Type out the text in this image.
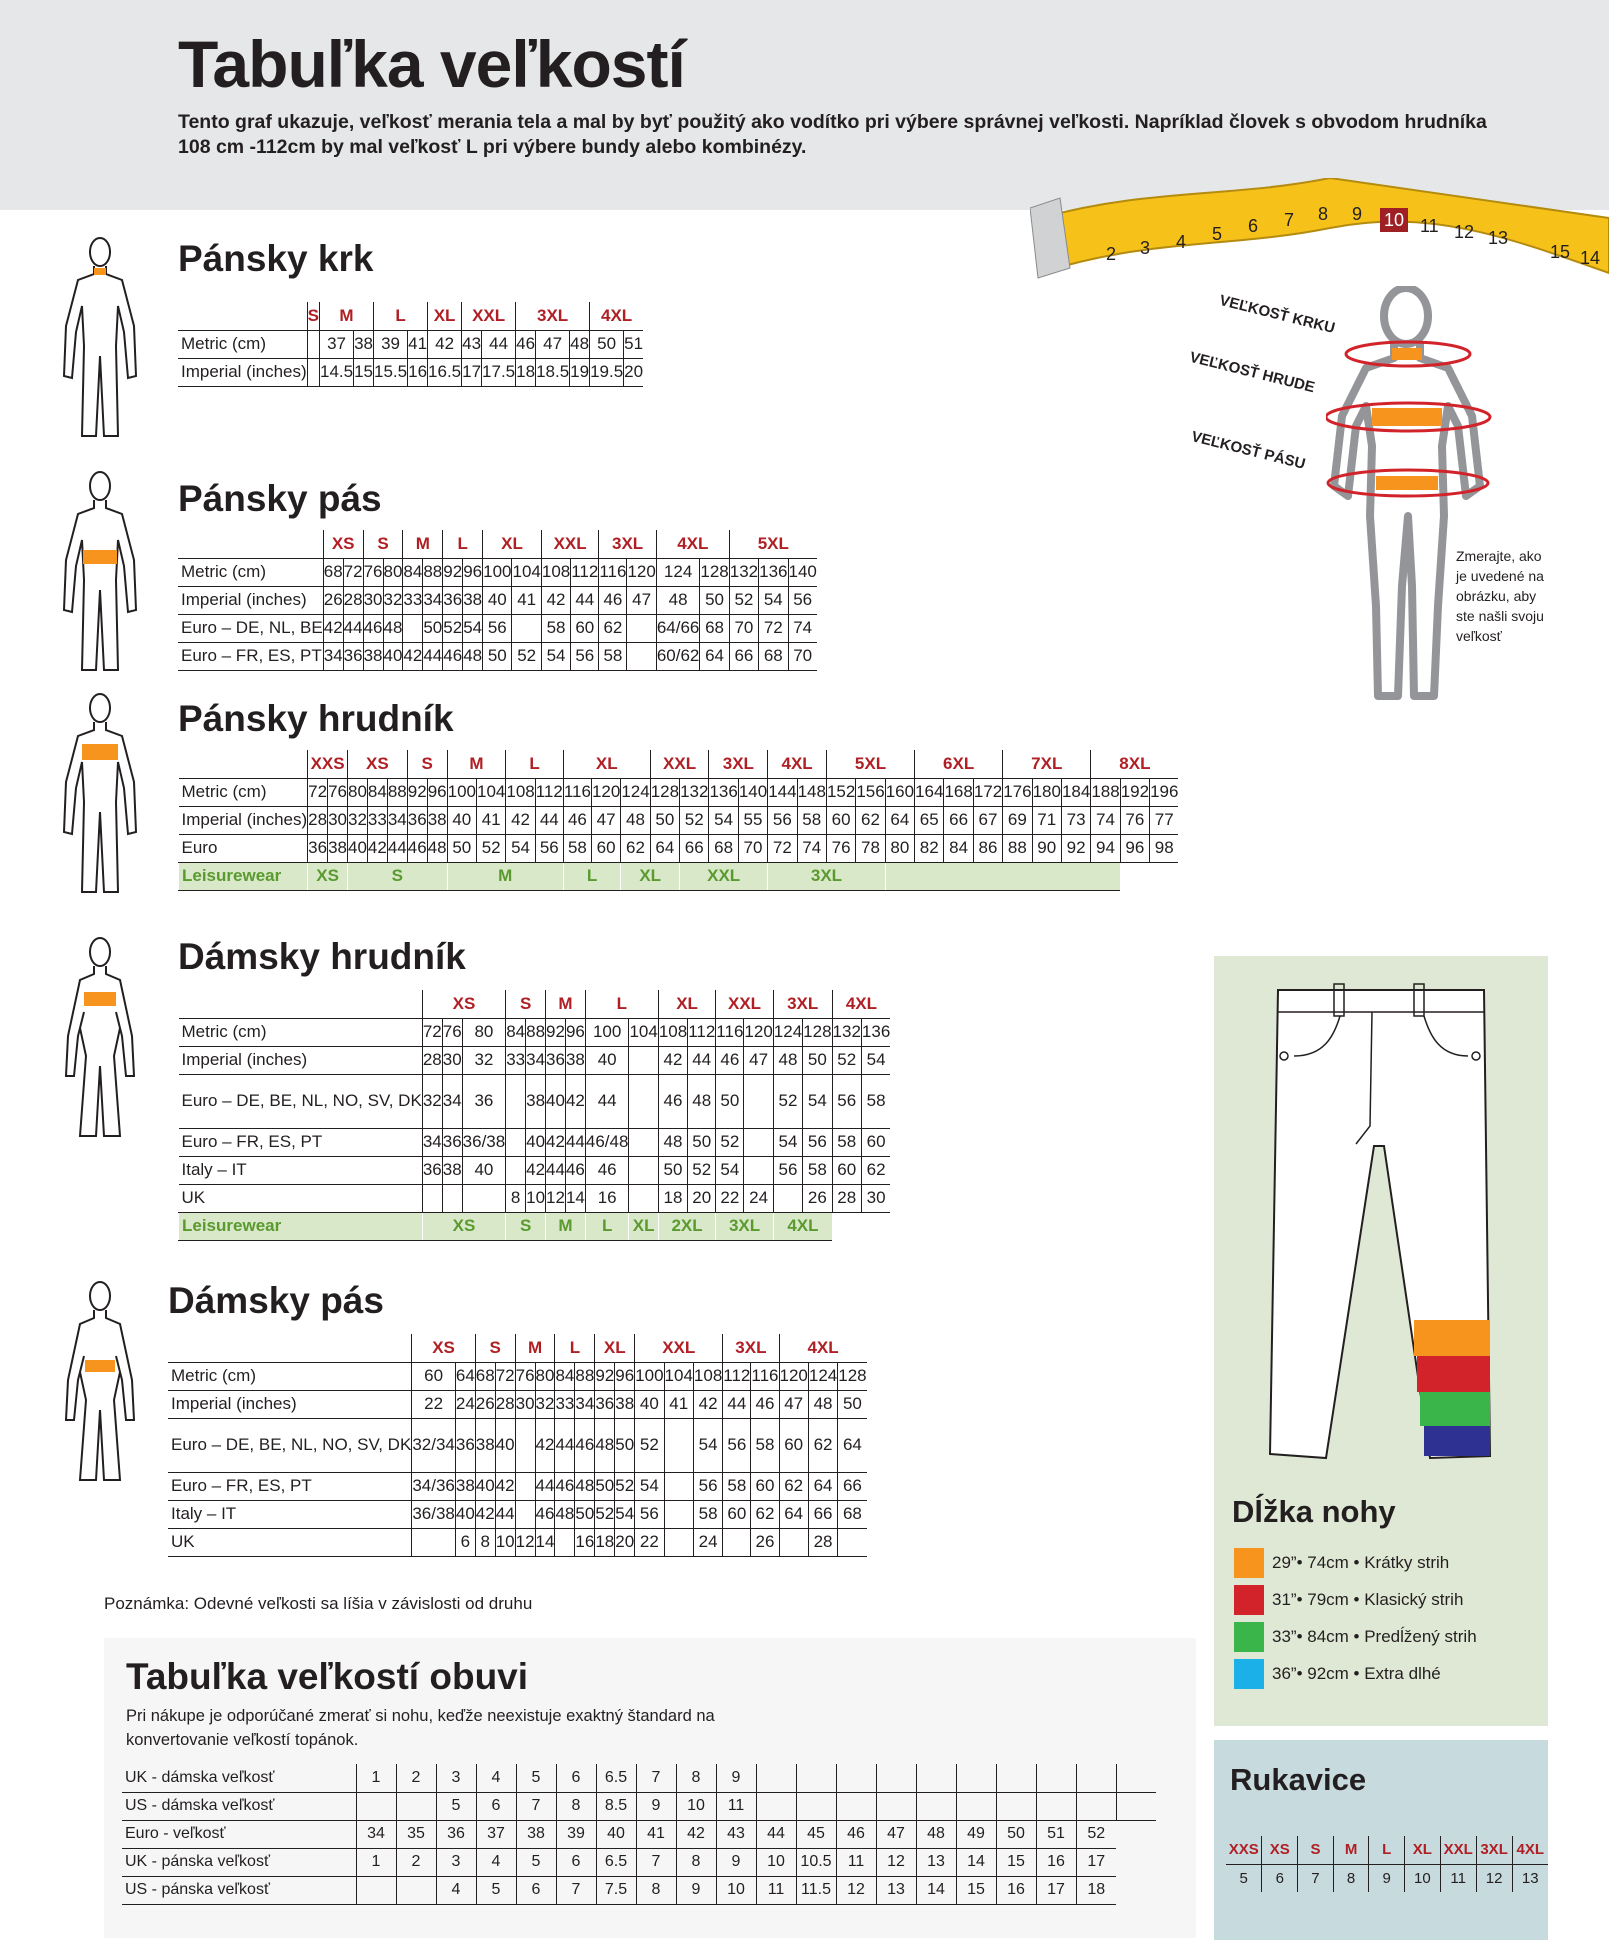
Tabuľka veľkostí

Tento graf ukazuje, veľkosť merania tela a mal by byť použitý ako vodítko pri výbere správnej veľkosti. Napríklad človek s obvodom hrudníka 108 cm -112cm by mal veľkosť L pri výbere bundy alebo kombinézy.

2 3 4 5 6 7 8 9 10 11 12 13
15 14
VEĽKOSŤ KRKU
VEĽKOSŤ HRUDE
VEĽKOSŤ PÁSU
Zmerajte, ako je uvedené na obrázku, aby ste našli svoju veľkosť
Pánsky krk
	S	M		L		XL	XXL		3XL			4XL	
Metric (cm)		37	38	39	41	42	43	44	46	47	48	50	51
Imperial (inches)		14.5	15	15.5	16	16.5	17	17.5	18	18.5	19	19.5	20
Pánsky pás
	XS		S		M		L		XL		XXL		3XL		4XL		5XL		
Metric (cm)	68	72	76	80	84	88	92	96	100	104	108	112	116	120	124	128	132	136	140
Imperial (inches)	26	28	30	32	33	34	36	38	40	41	42	44	46	47	48	50	52	54	56
Euro – DE, NL, BE	42	44	46	48		50	52	54	56		58	60	62		64/66	68	70	72	74
Euro – FR, ES, PT	34	36	38	40	42	44	46	48	50	52	54	56	58		60/62	64	66	68	70
Pánsky hrudník
	XXS		XS			S		M		L		XL			XXL		3XL		4XL		5XL			6XL			7XL			8XL		
Metric (cm)	72	76	80	84	88	92	96	100	104	108	112	116	120	124	128	132	136	140	144	148	152	156	160	164	168	172	176	180	184	188	192	196
Imperial (inches)	28	30	32	33	34	36	38	40	41	42	44	46	47	48	50	52	54	55	56	58	60	62	64	65	66	67	69	71	73	74	76	77
Euro	36	38	40	42	44	46	48	50	52	54	56	58	60	62	64	66	68	70	72	74	76	78	80	82	84	86	88	90	92	94	96	98
Leisurewear	XS		S					M				L		XL		XXL			3XL													
Dámsky hrudník
	XS			S		M		L		XL		XXL		3XL		4XL	
Metric (cm)	72	76	80	84	88	92	96	100	104	108	112	116	120	124	128	132	136
Imperial (inches)	28	30	32	33	34	36	38	40		42	44	46	47	48	50	52	54
Euro – DE, BE, NL, NO, SV, DK	32	34	36		38	40	42	44		46	48	50		52	54	56	58
Euro – FR, ES, PT	34	36	36/38		40	42	44	46/48		48	50	52		54	56	58	60
Italy – IT	36	38	40		42	44	46	46		50	52	54		56	58	60	62
UK				8	10	12	14	16		18	20	22	24		26	28	30
Leisurewear	XS			S		M		L	XL	2XL		3XL		4XL			
Dámsky pás
	XS		S		M		L		XL		XXL			3XL		4XL		
Metric (cm)	60	64	68	72	76	80	84	88	92	96	100	104	108	112	116	120	124	128
Imperial (inches)	22	24	26	28	30	32	33	34	36	38	40	41	42	44	46	47	48	50
Euro – DE, BE, NL, NO, SV, DK	32/34	36	38	40		42	44	46	48	50	52		54	56	58	60	62	64
Euro – FR, ES, PT	34/36	38	40	42		44	46	48	50	52	54		56	58	60	62	64	66
Italy – IT	36/38	40	42	44		46	48	50	52	54	56		58	60	62	64	66	68
UK		6	8	10	12	14		16	18	20	22		24		26		28	
Poznámka: Odevné veľkosti sa líšia v závislosti od druhu
Tabuľka veľkostí obuvi

Pri nákupe je odporúčané zmerať si nohu, keďže neexistuje exaktný štandard na konvertovanie veľkostí topánok.

UK - dámska veľkosť	1	2	3	4	5	6	6.5	7	8	9										
US - dámska veľkosť			5	6	7	8	8.5	9	10	11										
Euro - veľkosť	34	35	36	37	38	39	40	41	42	43	44	45	46	47	48	49	50	51	52	
UK - pánska veľkosť	1	2	3	4	5	6	6.5	7	8	9	10	10.5	11	12	13	14	15	16	17	
US - pánska veľkosť			4	5	6	7	7.5	8	9	10	11	11.5	12	13	14	15	16	17	18	
Dĺžka nohy
29”• 74cm • Krátky strih
31”• 79cm • Klasický strih
33”• 84cm • Predĺžený strih
36”• 92cm • Extra dlhé
Rukavice
XXS	XS	S	M	L	XL	XXL	3XL	4XL
5	6	7	8	9	10	11	12	13
